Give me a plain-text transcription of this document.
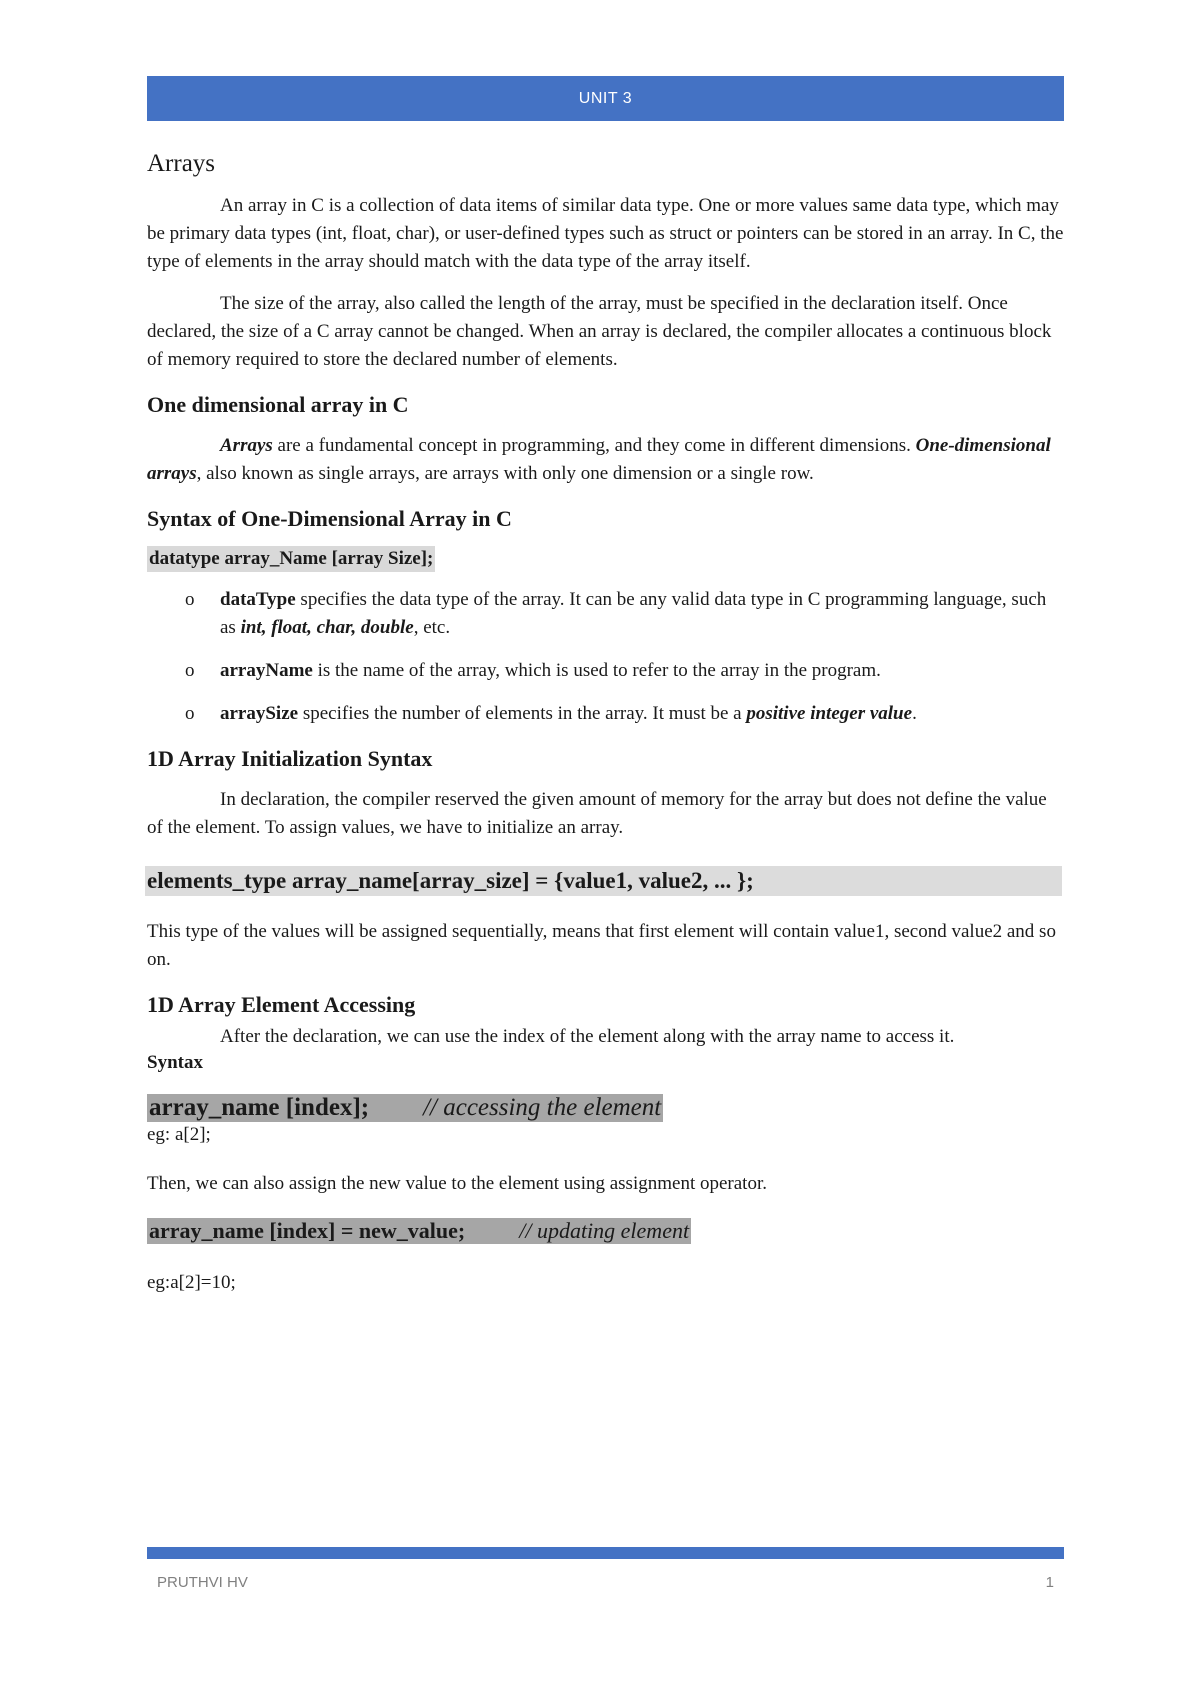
UNIT 3
Arrays

An array in C is a collection of data items of similar data type. One or more values same data type, which may be primary data types (int, float, char), or user-defined types such as struct or pointers can be stored in an array. In C, the type of elements in the array should match with the data type of the array itself.

The size of the array, also called the length of the array, must be specified in the declaration itself. Once declared, the size of a C array cannot be changed. When an array is declared, the compiler allocates a continuous block of memory required to store the declared number of elements.

One dimensional array in C

Arrays are a fundamental concept in programming, and they come in different dimensions. One-dimensional arrays, also known as single arrays, are arrays with only one dimension or a single row.

Syntax of One-Dimensional Array in C
datatype array_Name [array Size];
o dataType specifies the data type of the array. It can be any valid data type in C programming language, such as int, float, char, double, etc.
o arrayName is the name of the array, which is used to refer to the array in the program.
o arraySize specifies the number of elements in the array. It must be a positive integer value.
1D Array Initialization Syntax

In declaration, the compiler reserved the given amount of memory for the array but does not define the value of the element. To assign values, we have to initialize an array.

elements_type array_name[array_size] = {value1, value2, ... };

This type of the values will be assigned sequentially, means that first element will contain value1, second value2 and so on.

1D Array Element Accessing

After the declaration, we can use the index of the element along with the array name to access it.

Syntax

array_name [index]; // accessing the element

eg: a[2];

Then, we can also assign the new value to the element using assignment operator.

array_name [index] = new_value; // updating element

eg:a[2]=10;

PRUTHVI HV	1
